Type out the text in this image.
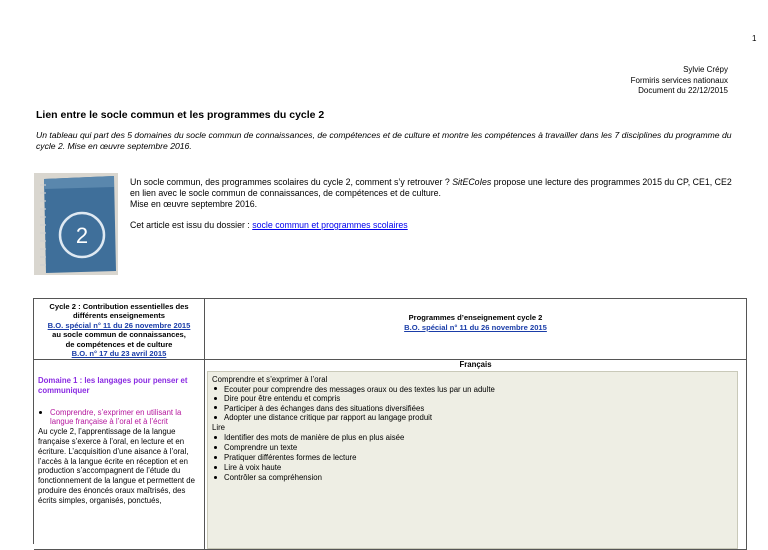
1
Sylvie Crépy
Formiris services nationaux
Document du 22/12/2015
Lien entre le socle commun et les programmes du cycle 2
Un tableau qui part des 5 domaines du socle commun de connaissances, de compétences et de culture et montre les compétences à travailler dans les 7 disciplines du programme du cycle 2. Mise en œuvre septembre 2016.
2

Un socle commun, des programmes scolaires du cycle 2, comment s’y retrouver ? SitECoIes propose une lecture des programmes 2015 du CP, CE1, CE2 en lien avec le socle commun de connaissances, de compétences et de culture.
Mise en œuvre septembre 2016.

Cet article est issu du dossier : socle commun et programmes scolaires

Cycle 2 : Contribution essentielles des
différents enseignements
B.O. spécial n° 11 du 26 novembre 2015
au socle commun de connaissances,
de compétences et de culture
B.O. n° 17 du 23 avril 2015
Programmes d’enseignement cycle 2
B.O. spécial n° 11 du 26 novembre 2015
Domaine 1 : les langages pour penser et communiquer
Comprendre, s’exprimer en utilisant la langue française à l’oral et à l’écrit
Au cycle 2, l’apprentissage de la langue française s’exerce à l’oral, en lecture et en écriture. L’acquisition d’une aisance à l’oral, l’accès à la langue écrite en réception et en production s’accompagnent de l’étude du fonctionnement de la langue et permettent de produire des énoncés oraux maîtrisés, des écrits simples, organisés, ponctués,
Français
Comprendre et s’exprimer à l’oral
Ecouter pour comprendre des messages oraux ou des textes lus par un adulte
Dire pour être entendu et compris
Participer à des échanges dans des situations diversifiées
Adopter une distance critique par rapport au langage produit
Lire
Identifier des mots de manière de plus en plus aisée
Comprendre un texte
Pratiquer différentes formes de lecture
Lire à voix haute
Contrôler sa compréhension
